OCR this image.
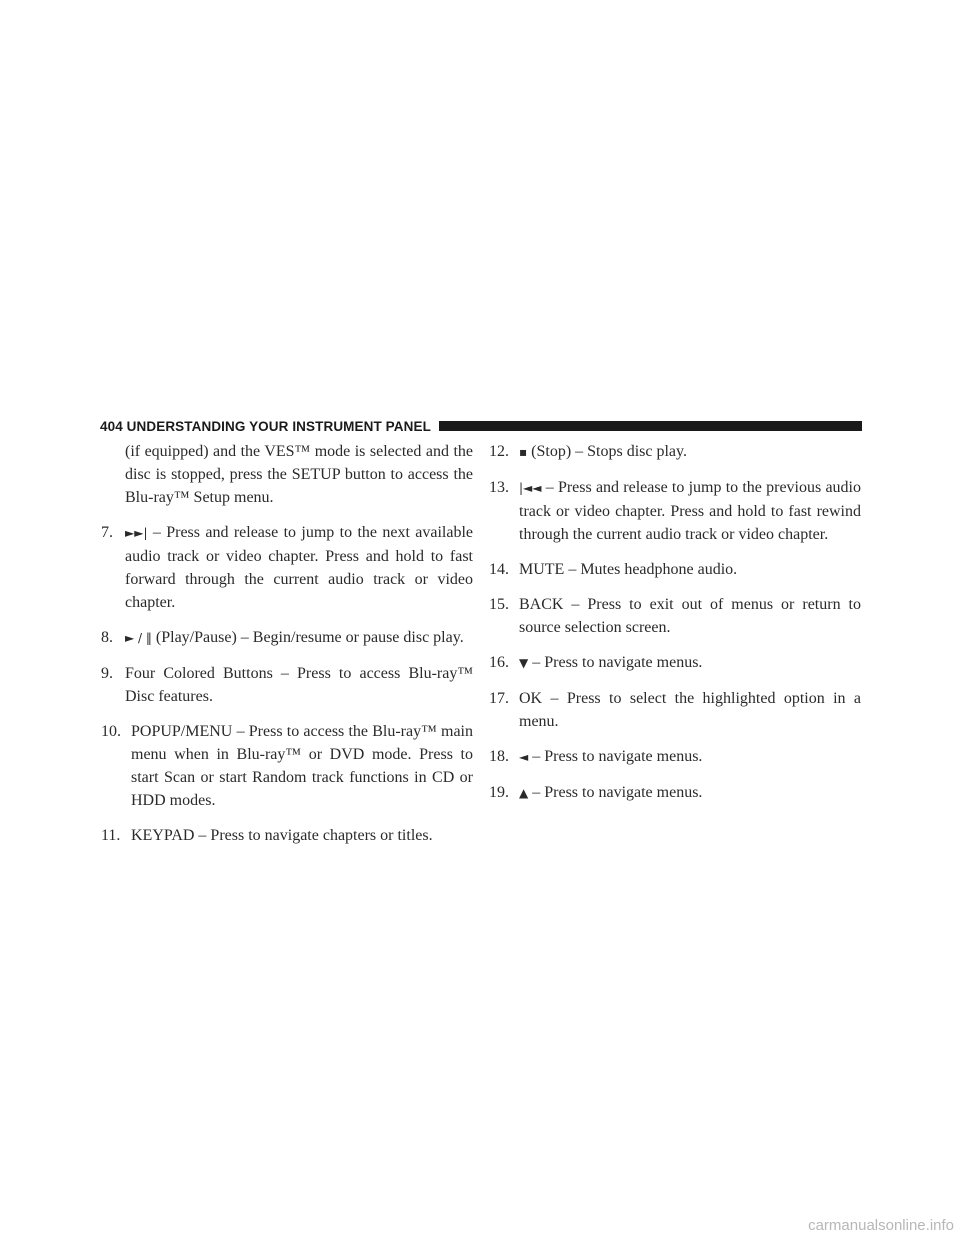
404 UNDERSTANDING YOUR INSTRUMENT PANEL

(if equipped) and the VES™ mode is selected and the disc is stopped, press the SETUP button to access the Blu-ray™ Setup menu.

7. ►►| – Press and release to jump to the next available audio track or video chapter. Press and hold to fast forward through the current audio track or video chapter.

8. ► / ‖ (Play/Pause) – Begin/resume or pause disc play.

9. Four Colored Buttons – Press to access Blu-ray™ Disc features.

10. POPUP/MENU – Press to access the Blu-ray™ main menu when in Blu-ray™ or DVD mode. Press to start Scan or start Random track functions in CD or HDD modes.

11. KEYPAD – Press to navigate chapters or titles.

12. ▪ (Stop) – Stops disc play.

13. |◄◄ – Press and release to jump to the previous audio track or video chapter. Press and hold to fast rewind through the current audio track or video chapter.

14. MUTE – Mutes headphone audio.

15. BACK – Press to exit out of menus or return to source selection screen.

16. ▼ – Press to navigate menus.

17. OK – Press to select the highlighted option in a menu.

18. ◄ – Press to navigate menus.

19. ▲ – Press to navigate menus.

carmanualsonline.info
